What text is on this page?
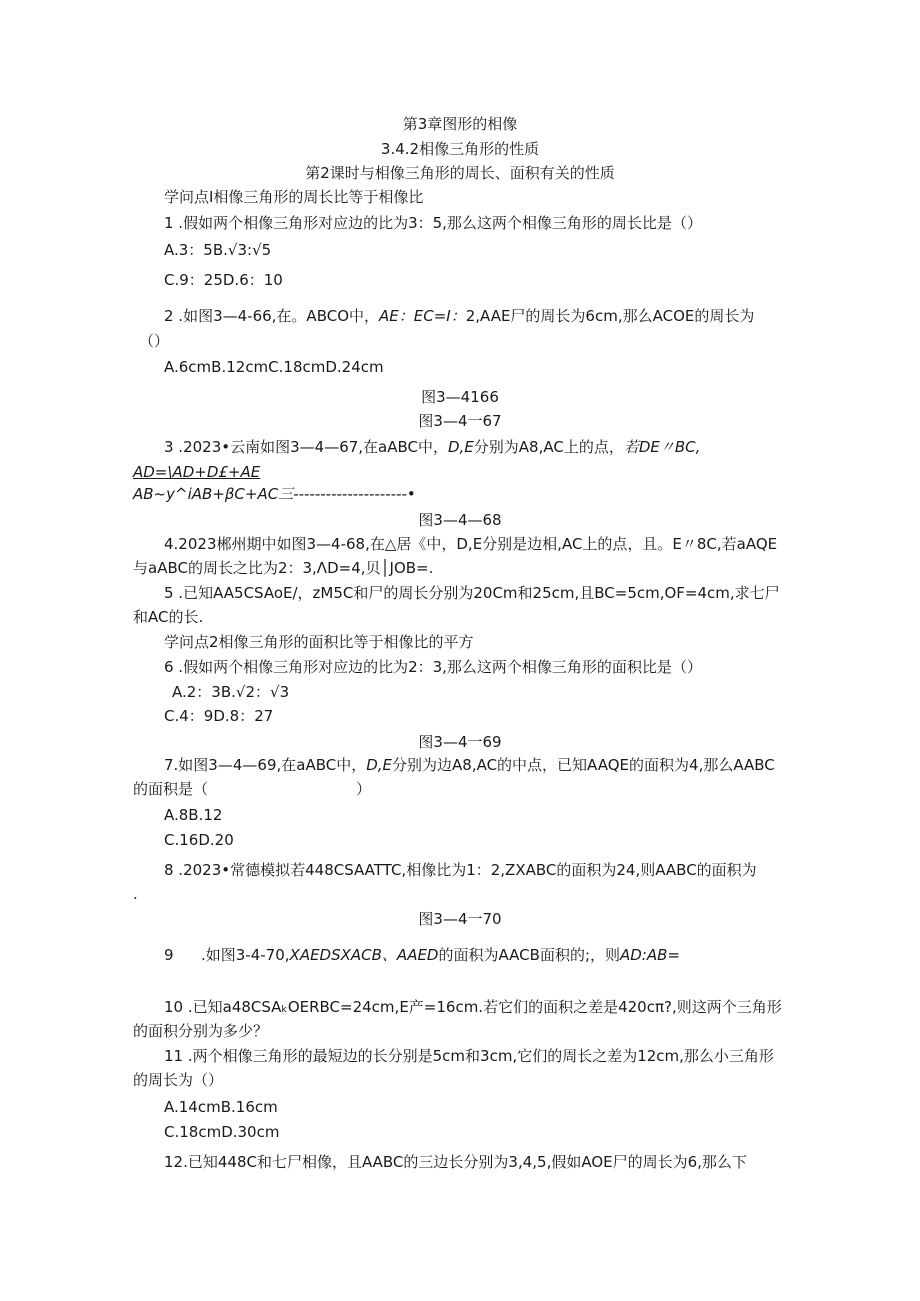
第3章图形的相像
3.4.2相像三角形的性质
第2课时与相像三角形的周长、面积有关的性质
学问点I相像三角形的周长比等于相像比
1 .假如两个相像三角形对应边的比为3：5,那么这两个相像三角形的周长比是（）
A.3：5B.√3:√5
C.9：25D.6：10
2 .如图3—4-66,在。ABCO中，AE：EC=I：2,AAE尸的周长为6cm,那么ACOE的周长为
（）
A.6cmB.12cmC.18cmD.24cm
图3—4166
图3—4一67
3 .2023•云南如图3—4—67,在aABC中，D,E分别为A8,AC上的点，若DE〃BC,
AD=\AD+D£+AE
AB~y^iAB+βC+AC三---------------------•
图3—4—68
4.2023郴州期中如图3—4-68,在△居《中，D,E分别是边相,AC上的点，且。E〃8C,若aAQE
与aABC的周长之比为2：3,ΛD=4,贝│JOB=.
5 .已知AA5CSAoE/，zM5C和尸的周长分别为20Cm和25cm,且BC=5cm,OF=4cm,求七尸
和AC的长.
学问点2相像三角形的面积比等于相像比的平方
6 .假如两个相像三角形对应边的比为2：3,那么这两个相像三角形的面积比是（）
A.2：3B.√2：√3
C.4：9D.8：27
图3—4一69
7.如图3—4—69,在aABC中，D,E分别为边A8,AC的中点，已知AAQE的面积为4,那么AABC
的面积是（	）
A.8B.12
C.16D.20
8 .2023•常德模拟若448CSAATTC,相像比为1：2,ZXABC的面积为24,则AABC的面积为
.
图3—4一70
9 .如图3-4-70,XAEDSXACB、AAED的面积为AACB面积的;，则AD:AB=
10 .已知a48CSAₖOERBC=24cm,E产=16cm.若它们的面积之差是420cπ?,则这两个三角形
的面积分别为多少？
11 .两个相像三角形的最短边的长分别是5cm和3cm,它们的周长之差为12cm,那么小三角形
的周长为（）
A.14cmB.16cm
C.18cmD.30cm
12.已知448C和七尸相像，且AABC的三边长分别为3,4,5,假如AOE尸的周长为6,那么下
